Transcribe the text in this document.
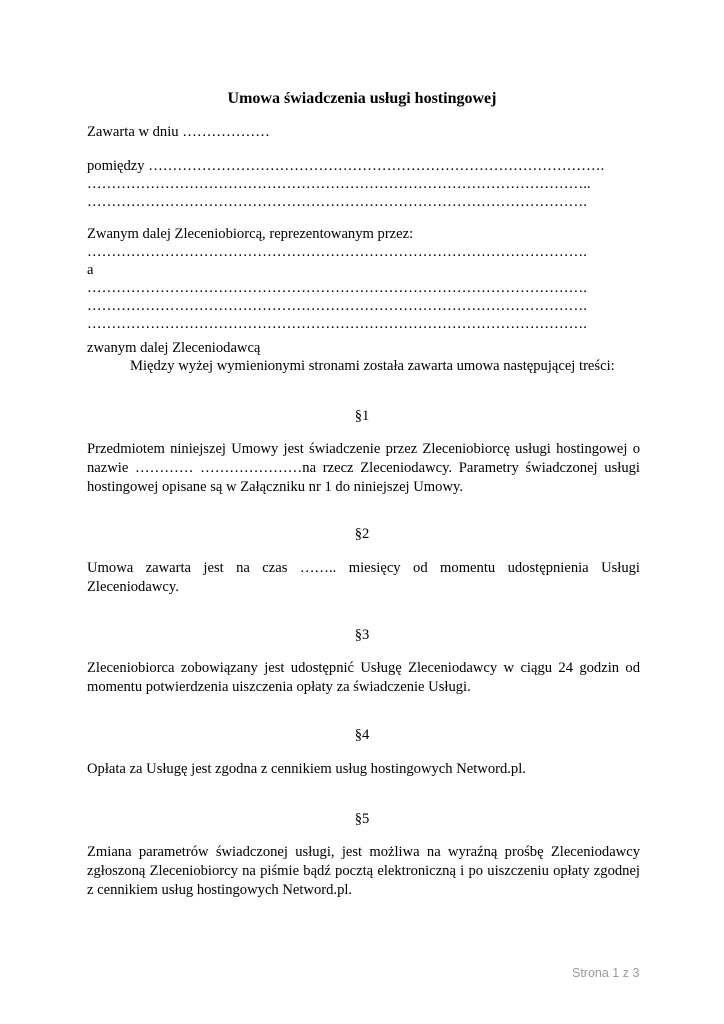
Umowa świadczenia usługi hostingowej
Zawarta w dniu ………………
pomiędzy ………………………………………………………………………………….
…………………………………………………………………………………………..
………………………………………………………………………………………….
Zwanym dalej Zleceniobiorcą, reprezentowanym przez:
………………………………………………………………………………………….
a
………………………………………………………………………………………….
………………………………………………………………………………………….
………………………………………………………………………………………….
zwanym dalej Zleceniodawcą
Między wyżej wymienionymi stronami została zawarta umowa następującej treści:
§1
Przedmiotem niniejszej Umowy jest świadczenie przez Zleceniobiorcę usługi hostingowej o nazwie ………… …………………na rzecz Zleceniodawcy. Parametry świadczonej usługi hostingowej opisane są w Załączniku nr 1 do niniejszej Umowy.
§2
Umowa zawarta jest na czas …….. miesięcy od momentu udostępnienia Usługi Zleceniodawcy.
§3
Zleceniobiorca zobowiązany jest udostępnić Usługę Zleceniodawcy w ciągu 24 godzin od momentu potwierdzenia uiszczenia opłaty za świadczenie Usługi.
§4
Opłata za Usługę jest zgodna z cennikiem usług hostingowych Netword.pl.
§5
Zmiana parametrów świadczonej usługi, jest możliwa na wyraźną prośbę Zleceniodawcy zgłoszoną Zleceniobiorcy na piśmie bądź pocztą elektroniczną i po uiszczeniu opłaty zgodnej z cennikiem usług hostingowych Netword.pl.
Strona 1 z 3
